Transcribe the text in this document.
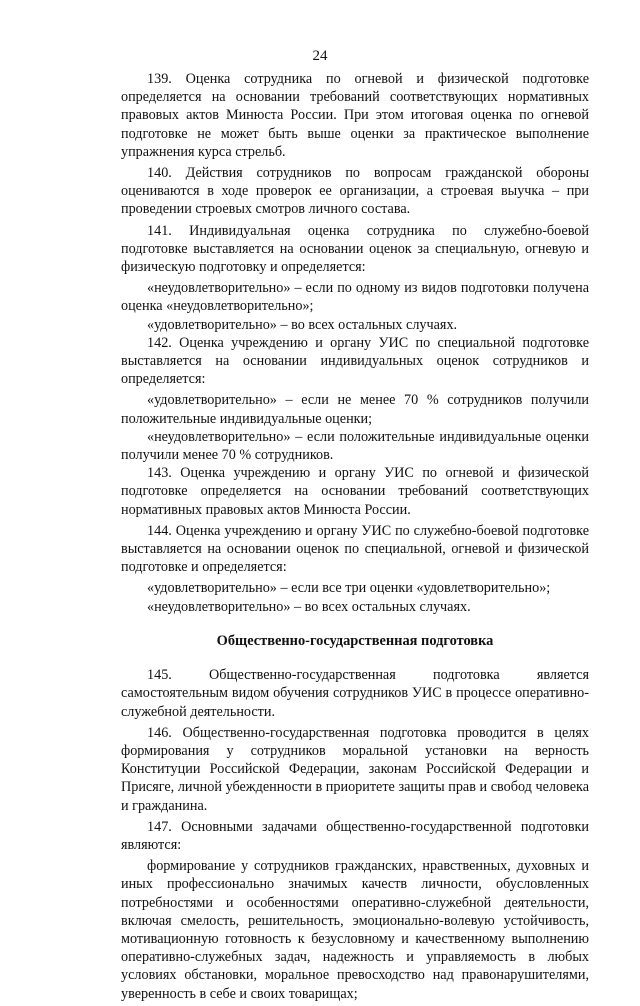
24

139. Оценка сотрудника по огневой и физической подготовке определяется на основании требований соответствующих нормативных правовых актов Минюста России. При этом итоговая оценка по огневой подготовке не может быть выше оценки за практическое выполнение упражнения курса стрельб.

140. Действия сотрудников по вопросам гражданской обороны оцениваются в ходе проверок ее организации, а строевая выучка – при проведении строевых смотров личного состава.

141. Индивидуальная оценка сотрудника по служебно-боевой подготовке выставляется на основании оценок за специальную, огневую и физическую подготовку и определяется:

«неудовлетворительно» – если по одному из видов подготовки получена оценка «неудовлетворительно»;

«удовлетворительно» – во всех остальных случаях.

142. Оценка учреждению и органу УИС по специальной подготовке выставляется на основании индивидуальных оценок сотрудников и определяется:

«удовлетворительно» – если не менее 70 % сотрудников получили положительные индивидуальные оценки;

«неудовлетворительно» – если положительные индивидуальные оценки получили менее 70 % сотрудников.

143. Оценка учреждению и органу УИС по огневой и физической подготовке определяется на основании требований соответствующих нормативных правовых актов Минюста России.

144. Оценка учреждению и органу УИС по служебно-боевой подготовке выставляется на основании оценок по специальной, огневой и физической подготовке и определяется:

«удовлетворительно» – если все три оценки «удовлетворительно»;

«неудовлетворительно» – во всех остальных случаях.

Общественно-государственная подготовка

145. Общественно-государственная подготовка является самостоятельным видом обучения сотрудников УИС в процессе оперативно-служебной деятельности.

146. Общественно-государственная подготовка проводится в целях формирования у сотрудников моральной установки на верность Конституции Российской Федерации, законам Российской Федерации и Присяге, личной убежденности в приоритете защиты прав и свобод человека и гражданина.

147. Основными задачами общественно-государственной подготовки являются:

формирование у сотрудников гражданских, нравственных, духовных и иных профессионально значимых качеств личности, обусловленных потребностями и особенностями оперативно-служебной деятельности, включая смелость, решительность, эмоционально-волевую устойчивость, мотивационную готовность к безусловному и качественному выполнению оперативно-служебных задач, надежность и управляемость в любых условиях обстановки, моральное превосходство над правонарушителями, уверенность в себе и своих товарищах;
